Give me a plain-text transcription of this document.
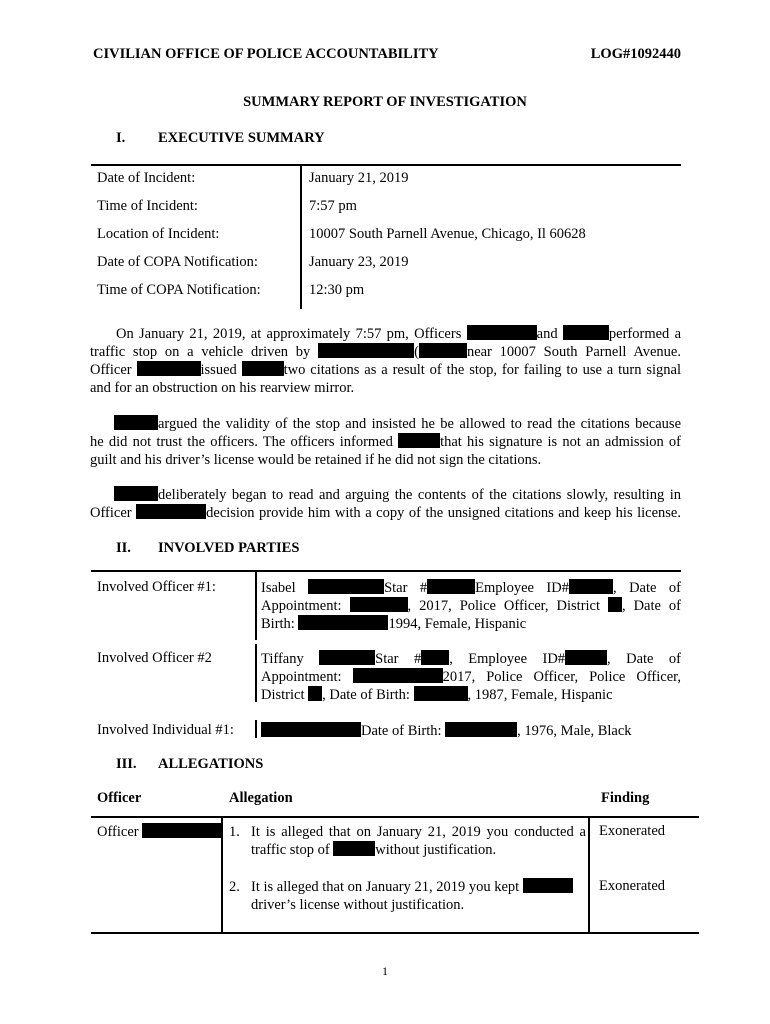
CIVILIAN OFFICE OF POLICE ACCOUNTABILITY	LOG#1092440
SUMMARY REPORT OF INVESTIGATION
I. EXECUTIVE SUMMARY
Date of Incident:	January 21, 2019
Time of Incident:	7:57 pm
Location of Incident:	10007 South Parnell Avenue, Chicago, Il 60628
Date of COPA Notification:	January 23, 2019
Time of COPA Notification:	12:30 pm
On January 21, 2019, at approximately 7:57 pm, Officers	and	performed a
traffic stop on a vehicle driven by	(	near 10007 South Parnell Avenue.
Officer	issued	two citations as a result of the stop, for failing to use a turn signal
and for an obstruction on his rearview mirror.
argued the validity of the stop and insisted he be allowed to read the citations because
he did not trust the officers. The officers informed	that his signature is not an admission of
guilt and his driver’s license would be retained if he did not sign the citations.
deliberately began to read and arguing the contents of the citations slowly, resulting in
Officer	decision provide him with a copy of the unsigned citations and keep his license.
II. INVOLVED PARTIES
Involved Officer #1:	Isabel	Star #	Employee ID#	, Date of
Appointment:	, 2017, Police Officer, District , Date of
Birth:	1994, Female, Hispanic
Involved Officer #2	Tiffany	Star # , Employee ID#	, Date of
Appointment:	2017, Police Officer, Police Officer,
District , Date of Birth:	, 1987, Female, Hispanic
Involved Individual #1:	Date of Birth:	, 1976, Male, Black
III. ALLEGATIONS
Officer	Allegation	Finding
Officer	1. It is alleged that on January 21, 2019 you conducted a
traffic stop of	without justification.
Exonerated
2. It is alleged that on January 21, 2019 you kept
driver’s license without justification.
Exonerated
1
